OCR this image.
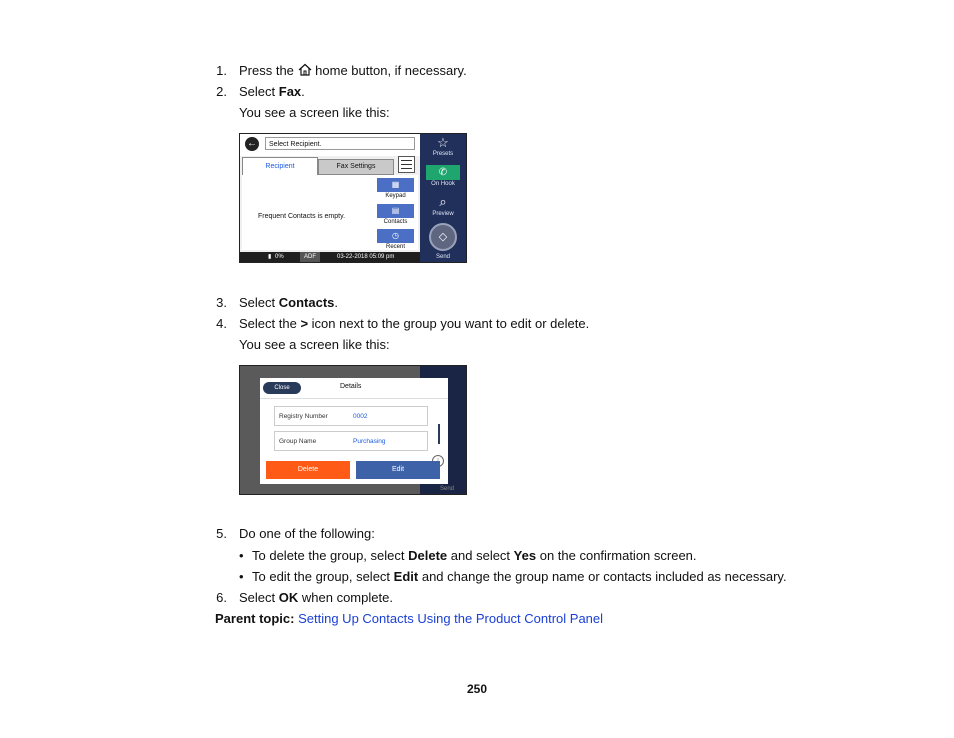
1. Press the home button, if necessary.
2. Select Fax.
You see a screen like this:
←	Select Recipient.
Recipient	Fax Settings
Frequent Contacts is empty.
▦
Keypad
▤
Contacts
◷
Recent
☆
Presets
✆
On Hook
⌕
Preview
◇
Send
▮ 0%	ADF	03-22-2018 05:09 pm
3. Select Contacts.
4. Select the > icon next to the group you want to edit or delete.
You see a screen like this:
Send
Close	Details
Registry Number	0002
Group Name	Purchasing
Delete	Edit
5. Do one of the following:
• To delete the group, select Delete and select Yes on the confirmation screen.
• To edit the group, select Edit and change the group name or contacts included as necessary.
6. Select OK when complete.
Parent topic: Setting Up Contacts Using the Product Control Panel
250
